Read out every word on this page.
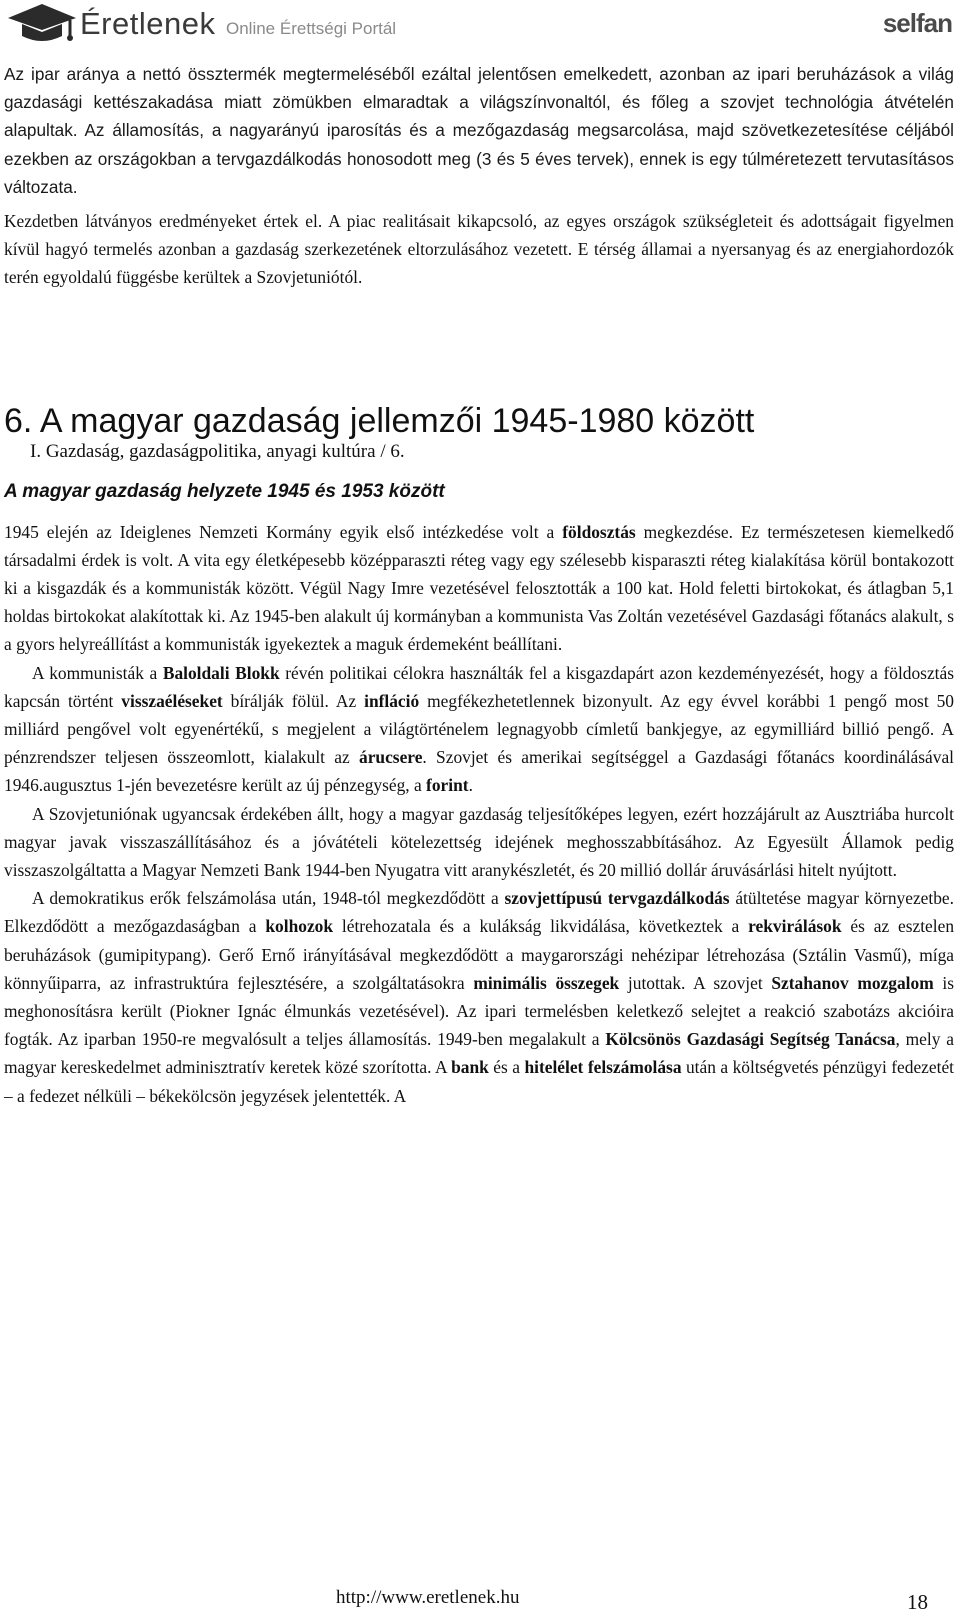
Éretlenek Online Érettségi Portál	selfan

Az ipar aránya a nettó össztermék megtermeléséből ezáltal jelentősen emelkedett, azonban az ipari beruházások a világ gazdasági kettészakadása miatt zömükben elmaradtak a világszínvonaltól, és főleg a szovjet technológia átvételén alapultak. Az államosítás, a nagyarányú iparosítás és a mezőgazdaság megsarcolása, majd szövetkezetesítése céljából ezekben az országokban a tervgazdálkodás honosodott meg (3 és 5 éves tervek), ennek is egy túlméretezett tervutasításos változata.

Kezdetben látványos eredményeket értek el. A piac realitásait kikapcsoló, az egyes országok szükségleteit és adottságait figyelmen kívül hagyó termelés azonban a gazdaság szerkezetének eltorzulásához vezetett. E térség államai a nyersanyag és az energiahordozók terén egyoldalú függésbe kerültek a Szovjetuniótól.

6. A magyar gazdaság jellemzői 1945-1980 között

I. Gazdaság, gazdaságpolitika, anyagi kultúra / 6.

A magyar gazdaság helyzete 1945 és 1953 között

1945 elején az Ideiglenes Nemzeti Kormány egyik első intézkedése volt a földosztás megkezdése. Ez természetesen kiemelkedő társadalmi érdek is volt. A vita egy életképesebb középparaszti réteg vagy egy szélesebb kisparaszti réteg kialakítása körül bontakozott ki a kisgazdák és a kommunisták között. Végül Nagy Imre vezetésével felosztották a 100 kat. Hold feletti birtokokat, és átlagban 5,1 holdas birtokokat alakítottak ki. Az 1945-ben alakult új kormányban a kommunista Vas Zoltán vezetésével Gazdasági főtanács alakult, s a gyors helyreállítást a kommunisták igyekeztek a maguk érdemeként beállítani.

A kommunisták a Baloldali Blokk révén politikai célokra használták fel a kisgazdapárt azon kezdeményezését, hogy a földosztás kapcsán történt visszaéléseket bírálják fölül. Az infláció megfékezhetetlennek bizonyult. Az egy évvel korábbi 1 pengő most 50 milliárd pengővel volt egyenértékű, s megjelent a világtörténelem legnagyobb címletű bankjegye, az egymilliárd billió pengő. A pénzrendszer teljesen összeomlott, kialakult az árucsere. Szovjet és amerikai segítséggel a Gazdasági főtanács koordinálásával 1946.augusztus 1-jén bevezetésre került az új pénzegység, a forint.

A Szovjetuniónak ugyancsak érdekében állt, hogy a magyar gazdaság teljesítőképes legyen, ezért hozzájárult az Ausztriába hurcolt magyar javak visszaszállításához és a jóvátételi kötelezettség idejének meghosszabbításához. Az Egyesült Államok pedig visszaszolgáltatta a Magyar Nemzeti Bank 1944-ben Nyugatra vitt aranykészletét, és 20 millió dollár áruvásárlási hitelt nyújtott.

A demokratikus erők felszámolása után, 1948-tól megkezdődött a szovjettípusú tervgazdálkodás átültetése magyar környezetbe. Elkezdődött a mezőgazdaságban a kolhozok létrehozatala és a kulákság likvidálása, következtek a rekvirálások és az esztelen beruházások (gumipitypang). Gerő Ernő irányításával megkezdődött a maygarországi nehézipar létrehozása (Sztálin Vasmű), míga könnyűiparra, az infrastruktúra fejlesztésére, a szolgáltatásokra minimális összegek jutottak. A szovjet Sztahanov mozgalom is meghonosításra került (Piokner Ignác élmunkás vezetésével). Az ipari termelésben keletkező selejtet a reakció szabotázs akcióira fogták. Az iparban 1950-re megvalósult a teljes államosítás. 1949-ben megalakult a Kölcsönös Gazdasági Segítség Tanácsa, mely a magyar kereskedelmet adminisztratív keretek közé szorította. A bank és a hitelélet felszámolása után a költségvetés pénzügyi fedezetét – a fedezet nélküli – békekölcsön jegyzések jelentették. A

http://www.eretlenek.hu	18
